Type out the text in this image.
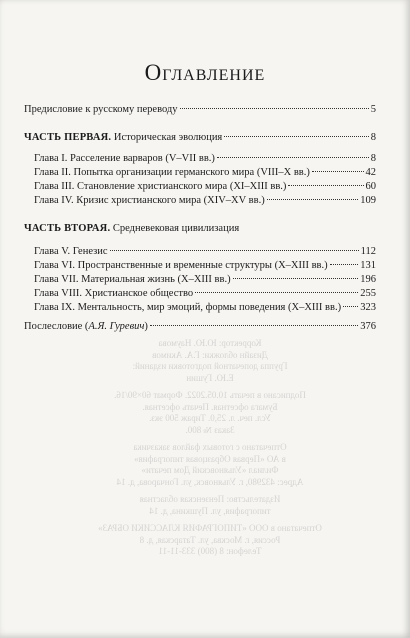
Оглавление
Предисловие к русскому переводу	5
ЧАСТЬ ПЕРВАЯ. Историческая эволюция	8
Глава I. Расселение варваров (V–VII вв.)	8
Глава II. Попытка организации германского мира (VIII–X вв.)	42
Глава III. Становление христианского мира (XI–XIII вв.)	60
Глава IV. Кризис христианского мира (XIV–XV вв.)	109
ЧАСТЬ ВТОРАЯ. Средневековая цивилизация
Глава V. Генезис	112
Глава VI. Пространственные и временные структуры (X–XIII вв.)	131
Глава VII. Материальная жизнь (X–XIII вв.)	196
Глава VIII. Христианское общество	255
Глава IX. Ментальность, мир эмоций, формы поведения (X–XIII вв.) 323
Послесловие (А.Я. Гуревич)	376
Корректор: Ю.Ю. Наумова
Дизайн обложки: Г.А. Акимов
Группа допечатной подготовки изданий:
Е.Ю. Гушин
Подписано в печать 10.05.2022. Формат 60×90/16.
Бумага офсетная. Печать офсетная.
Усл. печ. л. 25,0. Тираж 500 экз.
Заказ № 800.
Отпечатано с готовых файлов заказчика
в АО «Первая Образцовая типография»
Филиал «Ульяновский Дом печати»
Адрес: 432980, г. Ульяновск, ул. Гончарова, д. 14
Издательство: Пензенская областная
типография, ул. Пушкина, д. 14
Отпечатано в ООО «ТИПОГРАФИЯ КЛАССИКИ ОБРАЗ»
Россия, г. Москва, ул. Татарская, д. 8
Телефон: 8 (800) 333-11-11
